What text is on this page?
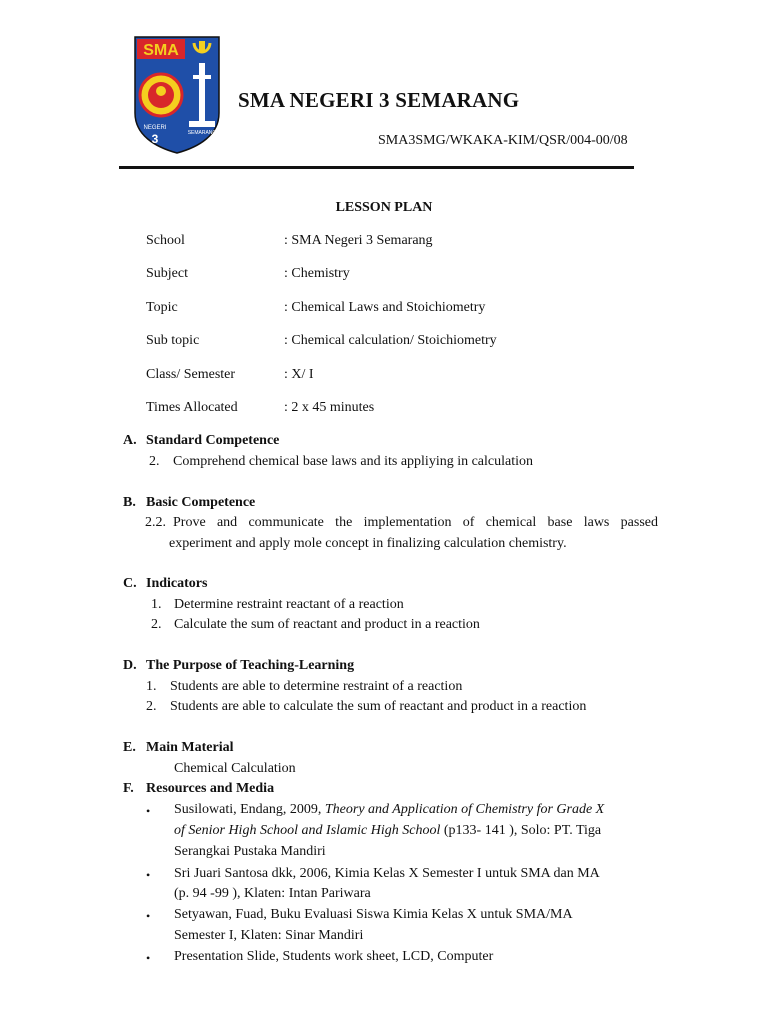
SMA
NEGERI
3	SEMARANG
SMA NEGERI 3 SEMARANG
SMA3SMG/WKAKA-KIM/QSR/004-00/08
LESSON PLAN
School	: SMA Negeri 3 Semarang
Subject	: Chemistry
Topic	: Chemical Laws and Stoichiometry
Sub topic	: Chemical calculation/ Stoichiometry
Class/ Semester	: X/ I
Times Allocated	: 2 x 45 minutes
A. Standard Competence
2. Comprehend chemical base laws and its appliying in calculation
B. Basic Competence
2.2. Prove and communicate the implementation of chemical base laws passed
experiment and apply mole concept in finalizing calculation chemistry.
C. Indicators
1. Determine restraint reactant of a reaction
2. Calculate the sum of reactant and product in a reaction
D. The Purpose of Teaching-Learning
1. Students are able to determine restraint of a reaction
2. Students are able to calculate the sum of reactant and product in a reaction
E. Main Material
Chemical Calculation
F. Resources and Media
• Susilowati, Endang, 2009, Theory and Application of Chemistry for Grade X
of Senior High School and Islamic High School (p133- 141 ), Solo: PT. Tiga
Serangkai Pustaka Mandiri
• Sri Juari Santosa dkk, 2006, Kimia Kelas X Semester I untuk SMA dan MA
(p. 94 -99 ), Klaten: Intan Pariwara
• Setyawan, Fuad, Buku Evaluasi Siswa Kimia Kelas X untuk SMA/MA
Semester I, Klaten: Sinar Mandiri
• Presentation Slide, Students work sheet, LCD, Computer
